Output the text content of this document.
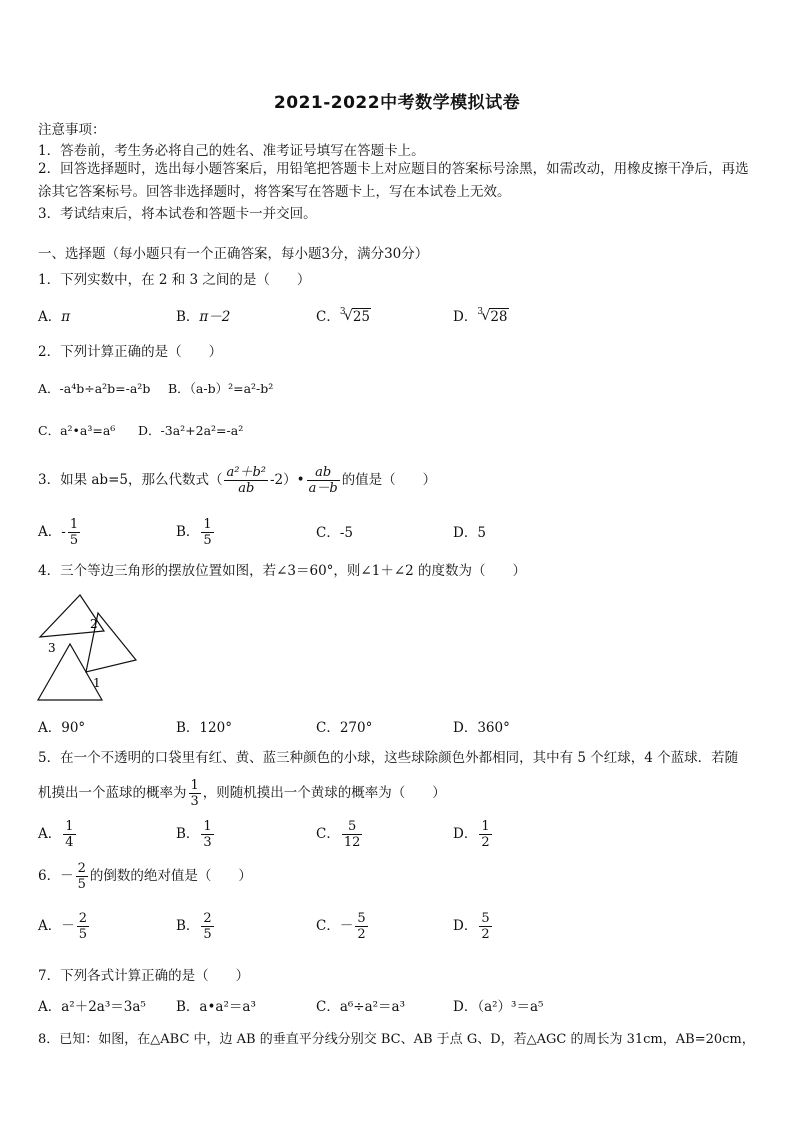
2021-2022中考数学模拟试卷
注意事项：
1．答卷前，考生务必将自己的姓名、准考证号填写在答题卡上。
2．回答选择题时，选出每小题答案后，用铅笔把答题卡上对应题目的答案标号涂黑，如需改动，用橡皮擦干净后，再选涂其它答案标号。回答非选择题时，将答案写在答题卡上，写在本试卷上无效。
3．考试结束后，将本试卷和答题卡一并交回。
一、选择题（每小题只有一个正确答案，每小题3分，满分30分）
1．下列实数中，在 2 和 3 之间的是（　　）
A．π	B．π－2	C． 3
√ 25	D． 3
√ 28
2．下列计算正确的是（　　）
A．-a⁴b÷a²b=-a²b B．（a-b）²=a²-b²
C．a²•a³=a⁶ D．-3a²+2a²=-a²
3．如果 ab=5，那么代数式（ $\frac{\text{a²＋b²}}{ab}$ -2）• $\frac{ab}{a-b}$ 的值是（　　）
A．- $\frac{1}{5}$	B． $\frac{1}{5}$	C．-5	D．5
4．三个等边三角形的摆放位置如图，若∠3＝60°，则∠1＋∠2 的度数为（　　）
2
3
1
A．90°	B．120°	C．270°	D．360°
5．在一个不透明的口袋里有红、黄、蓝三种颜色的小球，这些球除颜色外都相同，其中有 5 个红球，4 个蓝球．若随
机摸出一个蓝球的概率为 $\frac{1}{3}$ ，则随机摸出一个黄球的概率为（　　）
A． $\frac{1}{4}$	B． $\frac{1}{3}$	C． $\frac{5}{12}$	D． $\frac{1}{2}$
6．－ $\frac{2}{5}$ 的倒数的绝对值是（　　）
A．－ $\frac{2}{5}$	B． $\frac{2}{5}$	C．－ $\frac{5}{2}$	D． $\frac{5}{2}$
7．下列各式计算正确的是（　　）
A．a²＋2a³＝3a⁵ B．a•a²＝a³	C．a⁶÷a²＝a³	D．（a²）³＝a⁵
8．已知：如图，在△ABC 中，边 AB 的垂直平分线分别交 BC、AB 于点 G、D，若△AGC 的周长为 31cm，AB=20cm，
